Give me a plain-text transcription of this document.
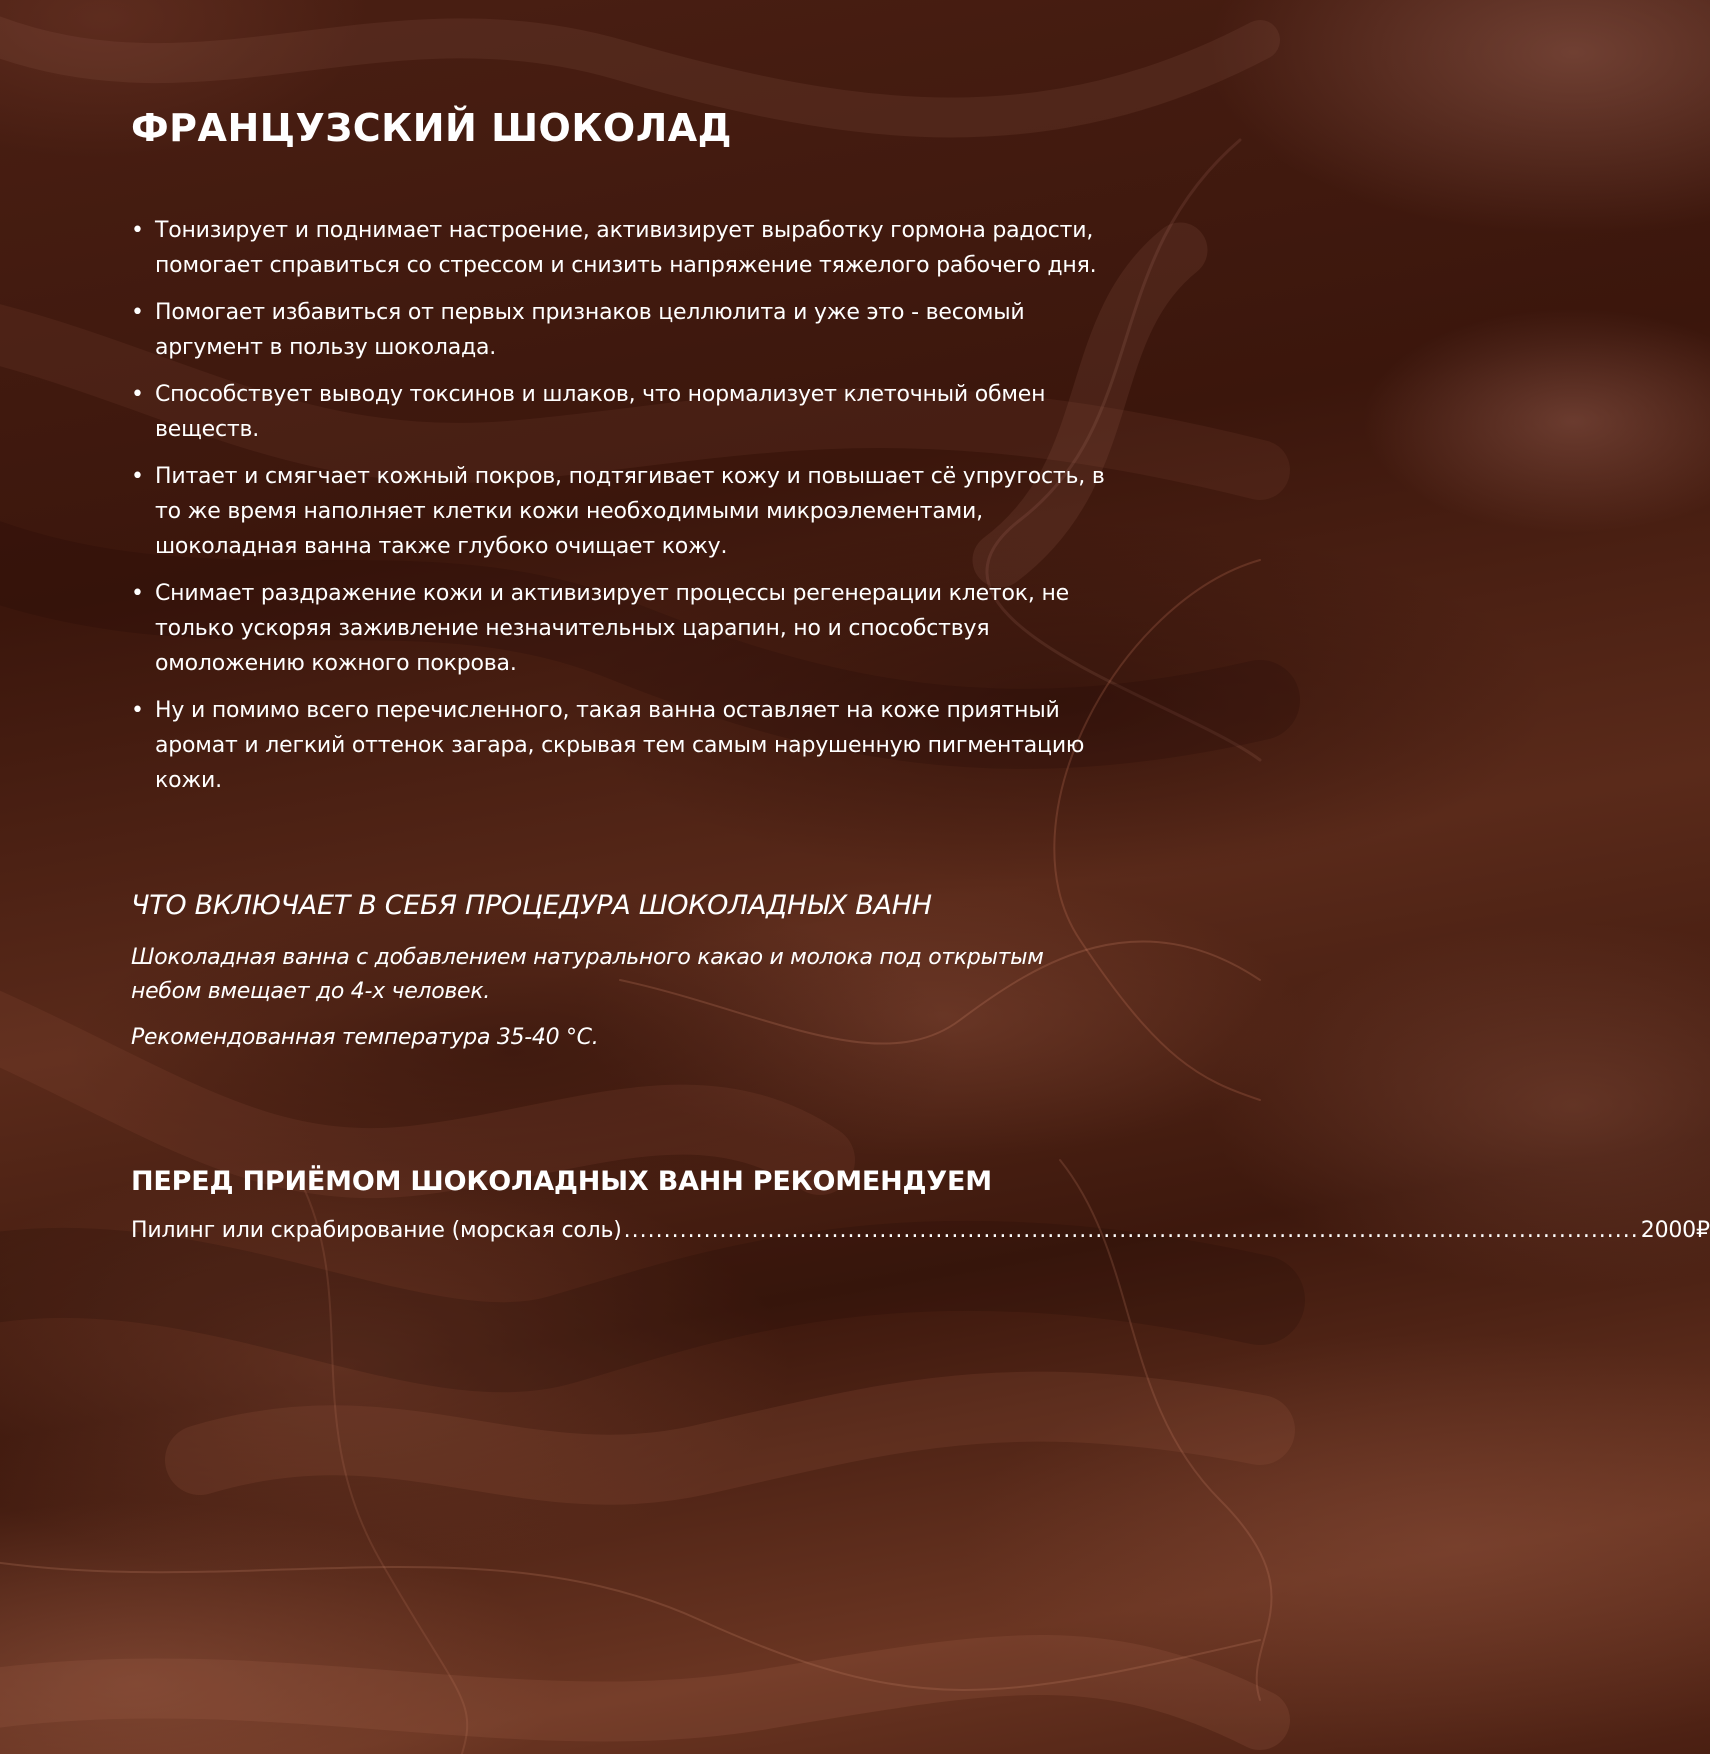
ФРАНЦУЗСКИЙ ШОКОЛАД
• Тонизирует и поднимает настроение, активизирует выработку гормона радости, помогает справиться со стрессом и снизить напряжение тяжелого рабочего дня.
• Помогает избавиться от первых признаков целлюлита и уже это - весомый аргумент в пользу шоколада.
• Способствует выводу токсинов и шлаков, что нормализует клеточный обмен веществ.
• Питает и смягчает кожный покров, подтягивает кожу и повышает сё упругость, в то же время наполняет клетки кожи необходимыми микроэлементами, шоколадная ванна также глубоко очищает кожу.
• Снимает раздражение кожи и активизирует процессы регенерации клеток, не только ускоряя заживление незначительных царапин, но и способствуя омоложению кожного покрова.
• Ну и помимо всего перечисленного, такая ванна оставляет на коже приятный аромат и легкий оттенок загара, скрывая тем самым нарушенную пигментацию кожи.
ЧТО ВКЛЮЧАЕТ В СЕБЯ ПРОЦЕДУРА ШОКОЛАДНЫХ ВАНН

Шоколадная ванна с добавлением натурального какао и молока под открытым небом вмещает до 4-х человек.

Рекомендованная температура 35-40 °С.

ПЕРЕД ПРИЁМОМ ШОКОЛАДНЫХ ВАНН РЕКОМЕНДУЕМ
Пилинг или скрабирование (морская соль) ............................................................................................................................... 2000₽
